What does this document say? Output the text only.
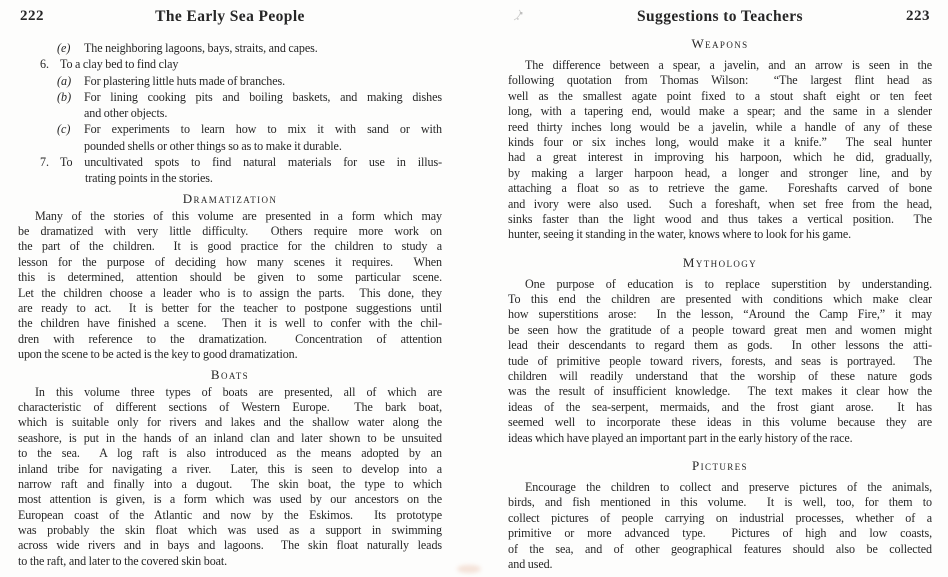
222	The Early Sea People
(e) The neighboring lagoons, bays, straits, and capes.
6. To a clay bed to find clay
(a) For plastering little huts made of branches.
(b) For lining cooking pits and boiling baskets, and making dishes
and other objects.
(c) For experiments to learn how to mix it with sand or with
pounded shells or other things so as to make it durable.
7. To uncultivated spots to find natural materials for use in illus-
trating points in the stories.
Dramatization
Many of the stories of this volume are presented in a form which may
be dramatized with very little difficulty.  Others require more work on
the part of the children.  It is good practice for the children to study a
lesson for the purpose of deciding how many scenes it requires.  When
this is determined, attention should be given to some particular scene.
Let the children choose a leader who is to assign the parts.  This done, they
are ready to act.  It is better for the teacher to postpone suggestions until
the children have finished a scene.  Then it is well to confer with the chil-
dren with reference to the dramatization.  Concentration of attention
upon the scene to be acted is the key to good dramatization.
Boats
In this volume three types of boats are presented, all of which are
characteristic of different sections of Western Europe.  The bark boat,
which is suitable only for rivers and lakes and the shallow water along the
seashore, is put in the hands of an inland clan and later shown to be unsuited
to the sea.  A log raft is also introduced as the means adopted by an
inland tribe for navigating a river.  Later, this is seen to develop into a
narrow raft and finally into a dugout.  The skin boat, the type to which
most attention is given, is a form which was used by our ancestors on the
European coast of the Atlantic and now by the Eskimos.  Its prototype
was probably the skin float which was used as a support in swimming
across wide rivers and in bays and lagoons.  The skin float naturally leads
to the raft, and later to the covered skin boat.
223
Suggestions to Teachers
Weapons
The difference between a spear, a javelin, and an arrow is seen in the
following quotation from Thomas Wilson:  “The largest flint head as
well as the smallest agate point fixed to a stout shaft eight or ten feet
long, with a tapering end, would make a spear; and the same in a slender
reed thirty inches long would be a javelin, while a handle of any of these
kinds four or six inches long, would make it a knife.”  The seal hunter
had a great interest in improving his harpoon, which he did, gradually,
by making a larger harpoon head, a longer and stronger line, and by
attaching a float so as to retrieve the game.  Foreshafts carved of bone
and ivory were also used.  Such a foreshaft, when set free from the head,
sinks faster than the light wood and thus takes a vertical position.  The
hunter, seeing it standing in the water, knows where to look for his game.
Mythology
One purpose of education is to replace superstition by understanding.
To this end the children are presented with conditions which make clear
how superstitions arose:  In the lesson, “Around the Camp Fire,” it may
be seen how the gratitude of a people toward great men and women might
lead their descendants to regard them as gods.  In other lessons the atti-
tude of primitive people toward rivers, forests, and seas is portrayed.  The
children will readily understand that the worship of these nature gods
was the result of insufficient knowledge.  The text makes it clear how the
ideas of the sea-serpent, mermaids, and the frost giant arose.  It has
seemed well to incorporate these ideas in this volume because they are
ideas which have played an important part in the early history of the race.
Pictures
Encourage the children to collect and preserve pictures of the animals,
birds, and fish mentioned in this volume.  It is well, too, for them to
collect pictures of people carrying on industrial processes, whether of a
primitive or more advanced type.  Pictures of high and low coasts,
of the sea, and of other geographical features should also be collected
and used.
